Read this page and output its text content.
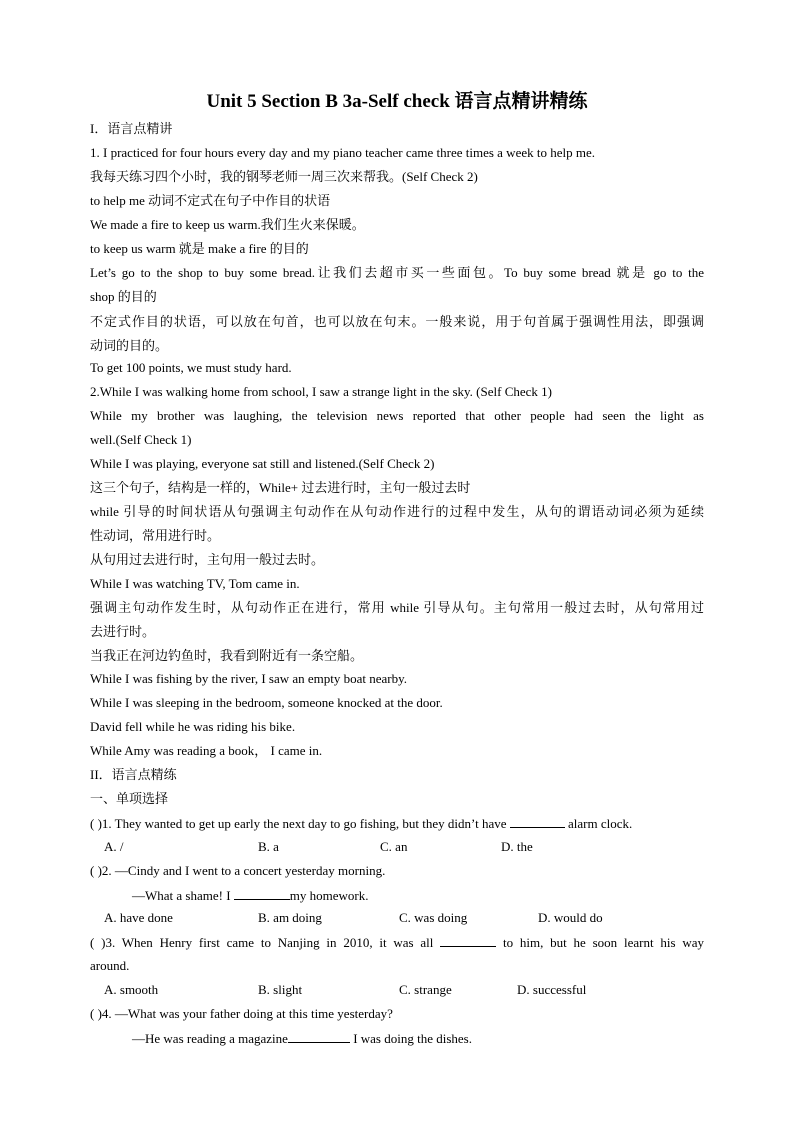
Unit 5 Section B 3a-Self check 语言点精讲精练
I．语言点精讲
1. I practiced for four hours every day and my piano teacher came three times a week to help me.
我每天练习四个小时，我的钢琴老师一周三次来帮我。(Self Check 2)
to help me 动词不定式在句子中作目的状语
We made a fire to keep us warm.我们生火来保暖。
to keep us warm 就是 make a fire 的目的
Let’s go to the shop to buy some bread.让我们去超市买一些面包。To buy some bread 就是 go to the
shop 的目的
不定式作目的状语，可以放在句首，也可以放在句末。一般来说，用于句首属于强调性用法，即强调
动词的目的。
To get 100 points, we must study hard.
2.While I was walking home from school, I saw a strange light in the sky. (Self Check 1)
While my brother was laughing, the television news reported that other people had seen the light as
well.(Self Check 1)
While I was playing, everyone sat still and listened.(Self Check 2)
这三个句子，结构是一样的，While+ 过去进行时，主句一般过去时
while 引导的时间状语从句强调主句动作在从句动作进行的过程中发生，从句的谓语动词必须为延续
性动词，常用进行时。
从句用过去进行时，主句用一般过去时。
While I was watching TV, Tom came in.
强调主句动作发生时，从句动作正在进行，常用 while 引导从句。主句常用一般过去时，从句常用过
去进行时。
当我正在河边钓鱼时，我看到附近有一条空船。
While I was fishing by the river, I saw an empty boat nearby.
While I was sleeping in the bedroom, someone knocked at the door.
David fell while he was riding his bike.
While Amy was reading a book， I came in.
II．语言点精练
一、单项选择
( )1. They wanted to get up early the next day to go fishing, but they didn’t have	alarm clock.
A. /	B. a	C. an	D. the
( )2. —Cindy and I went to a concert yesterday morning.
—What a shame! I	my homework.
A. have done	B. am doing	C. was doing	D. would do
( )3. When Henry first came to Nanjing in 2010, it was all	to him, but he soon learnt his way
around.
A. smooth	B. slight	C. strange	D. successful
( )4. —What was your father doing at this time yesterday?
—He was reading a magazine	I was doing the dishes.
